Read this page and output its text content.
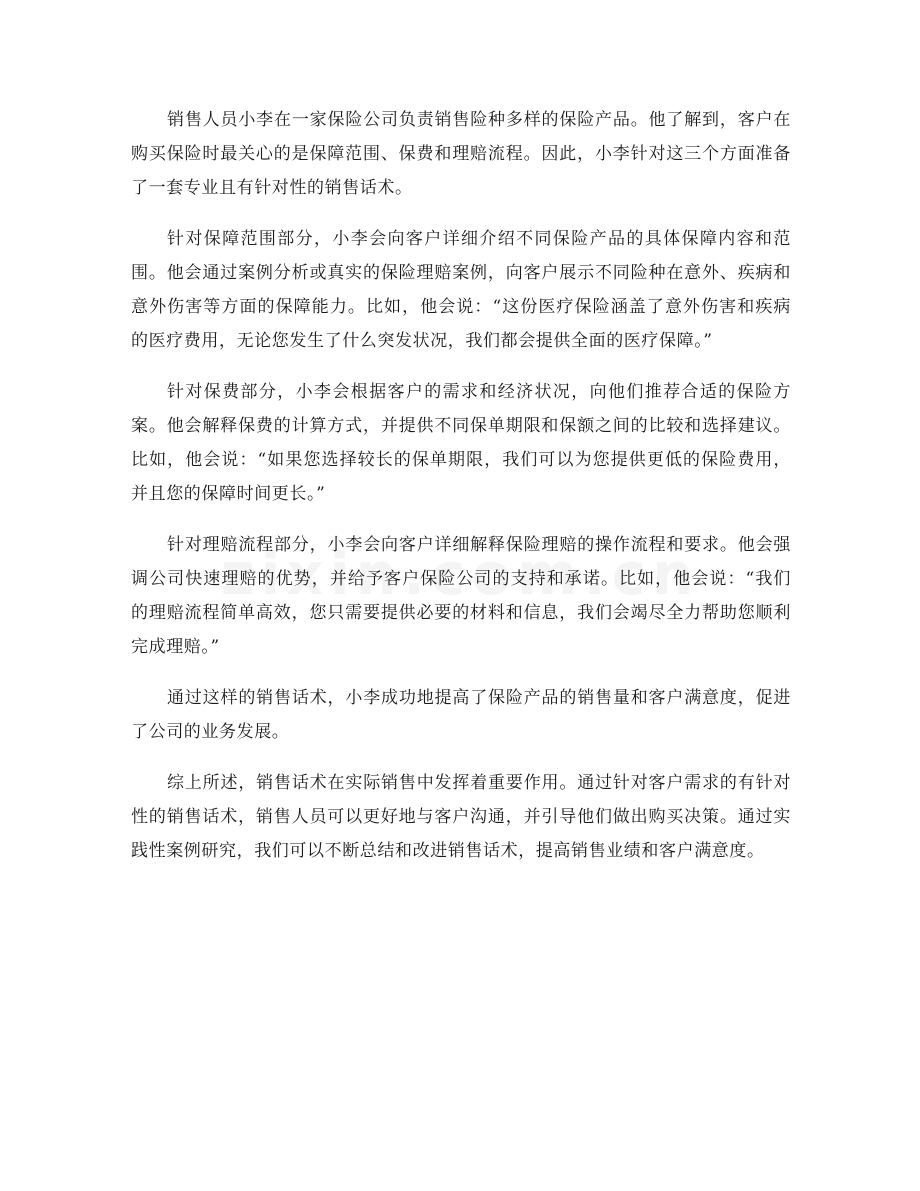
销售人员小李在一家保险公司负责销售险种多样的保险产品。他了解到，客户在购买保险时最关心的是保障范围、保费和理赔流程。因此，小李针对这三个方面准备了一套专业且有针对性的销售话术。

针对保障范围部分，小李会向客户详细介绍不同保险产品的具体保障内容和范围。他会通过案例分析或真实的保险理赔案例，向客户展示不同险种在意外、疾病和意外伤害等方面的保障能力。比如，他会说：“这份医疗保险涵盖了意外伤害和疾病的医疗费用，无论您发生了什么突发状况，我们都会提供全面的医疗保障。”

针对保费部分，小李会根据客户的需求和经济状况，向他们推荐合适的保险方案。他会解释保费的计算方式，并提供不同保单期限和保额之间的比较和选择建议。比如，他会说：“如果您选择较长的保单期限，我们可以为您提供更低的保险费用，并且您的保障时间更长。”

针对理赔流程部分，小李会向客户详细解释保险理赔的操作流程和要求。他会强调公司快速理赔的优势，并给予客户保险公司的支持和承诺。比如，他会说：“我们的理赔流程简单高效，您只需要提供必要的材料和信息，我们会竭尽全力帮助您顺利完成理赔。”

通过这样的销售话术，小李成功地提高了保险产品的销售量和客户满意度，促进了公司的业务发展。

综上所述，销售话术在实际销售中发挥着重要作用。通过针对客户需求的有针对性的销售话术，销售人员可以更好地与客户沟通，并引导他们做出购买决策。通过实践性案例研究，我们可以不断总结和改进销售话术，提高销售业绩和客户满意度。
